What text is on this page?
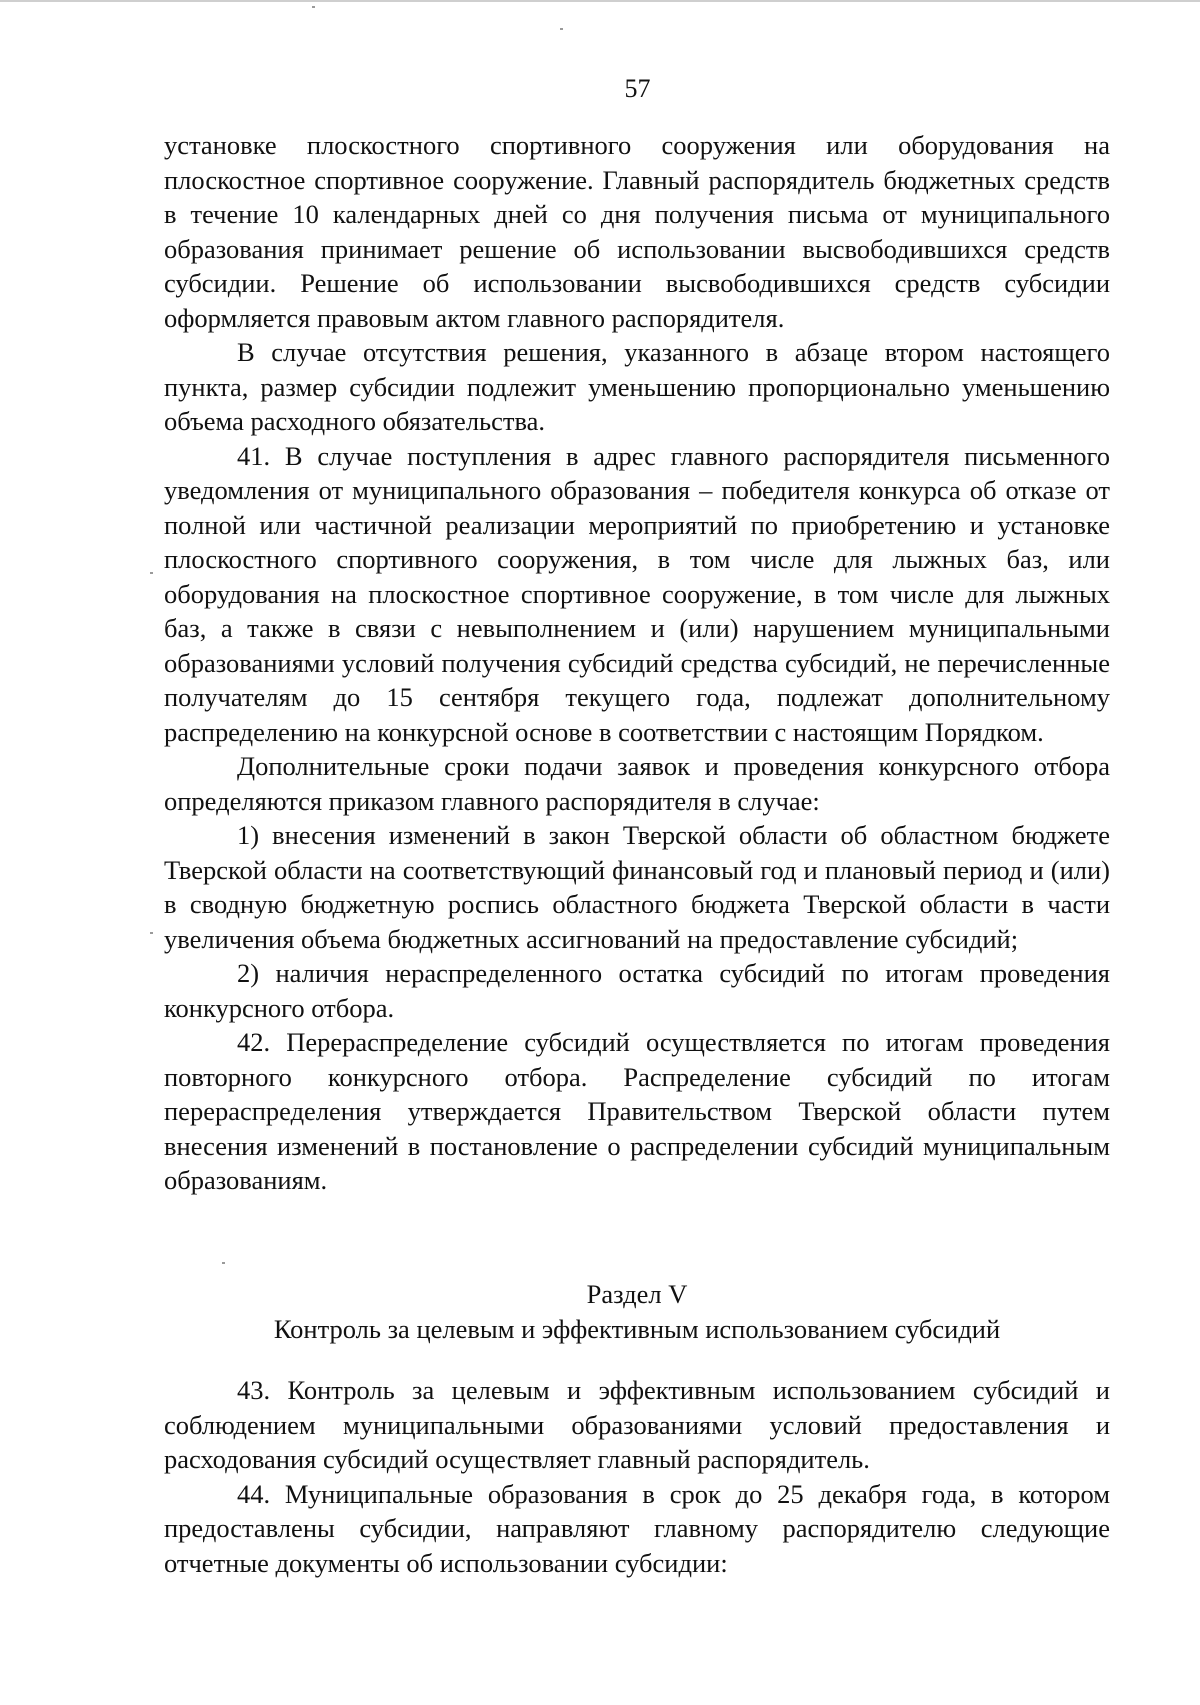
57

установке плоскостного спортивного сооружения или оборудования на плоскостное спортивное сооружение. Главный распорядитель бюджетных средств в течение 10 календарных дней со дня получения письма от муниципального образования принимает решение об использовании высвободившихся средств субсидии. Решение об использовании высвободившихся средств субсидии оформляется правовым актом главного распорядителя.

В случае отсутствия решения, указанного в абзаце втором настоящего пункта, размер субсидии подлежит уменьшению пропорционально уменьшению объема расходного обязательства.

41. В случае поступления в адрес главного распорядителя письменного уведомления от муниципального образования – победителя конкурса об отказе от полной или частичной реализации мероприятий по приобретению и установке плоскостного спортивного сооружения, в том числе для лыжных баз, или оборудования на плоскостное спортивное сооружение, в том числе для лыжных баз, а также в связи с невыполнением и (или) нарушением муниципальными образованиями условий получения субсидий средства субсидий, не перечисленные получателям до 15 сентября текущего года, подлежат дополнительному распределению на конкурсной основе в соответствии с настоящим Порядком.

Дополнительные сроки подачи заявок и проведения конкурсного отбора определяются приказом главного распорядителя в случае:

1) внесения изменений в закон Тверской области об областном бюджете Тверской области на соответствующий финансовый год и плановый период и (или) в сводную бюджетную роспись областного бюджета Тверской области в части увеличения объема бюджетных ассигнований на предоставление субсидий;

2) наличия нераспределенного остатка субсидий по итогам проведения конкурсного отбора.

42. Перераспределение субсидий осуществляется по итогам проведения повторного конкурсного отбора. Распределение субсидий по итогам перераспределения утверждается Правительством Тверской области путем внесения изменений в постановление о распределении субсидий муниципальным образованиям.

Раздел V
Контроль за целевым и эффективным использованием субсидий

43. Контроль за целевым и эффективным использованием субсидий и соблюдением муниципальными образованиями условий предоставления и расходования субсидий осуществляет главный распорядитель.

44. Муниципальные образования в срок до 25 декабря года, в котором предоставлены субсидии, направляют главному распорядителю следующие отчетные документы об использовании субсидии:
